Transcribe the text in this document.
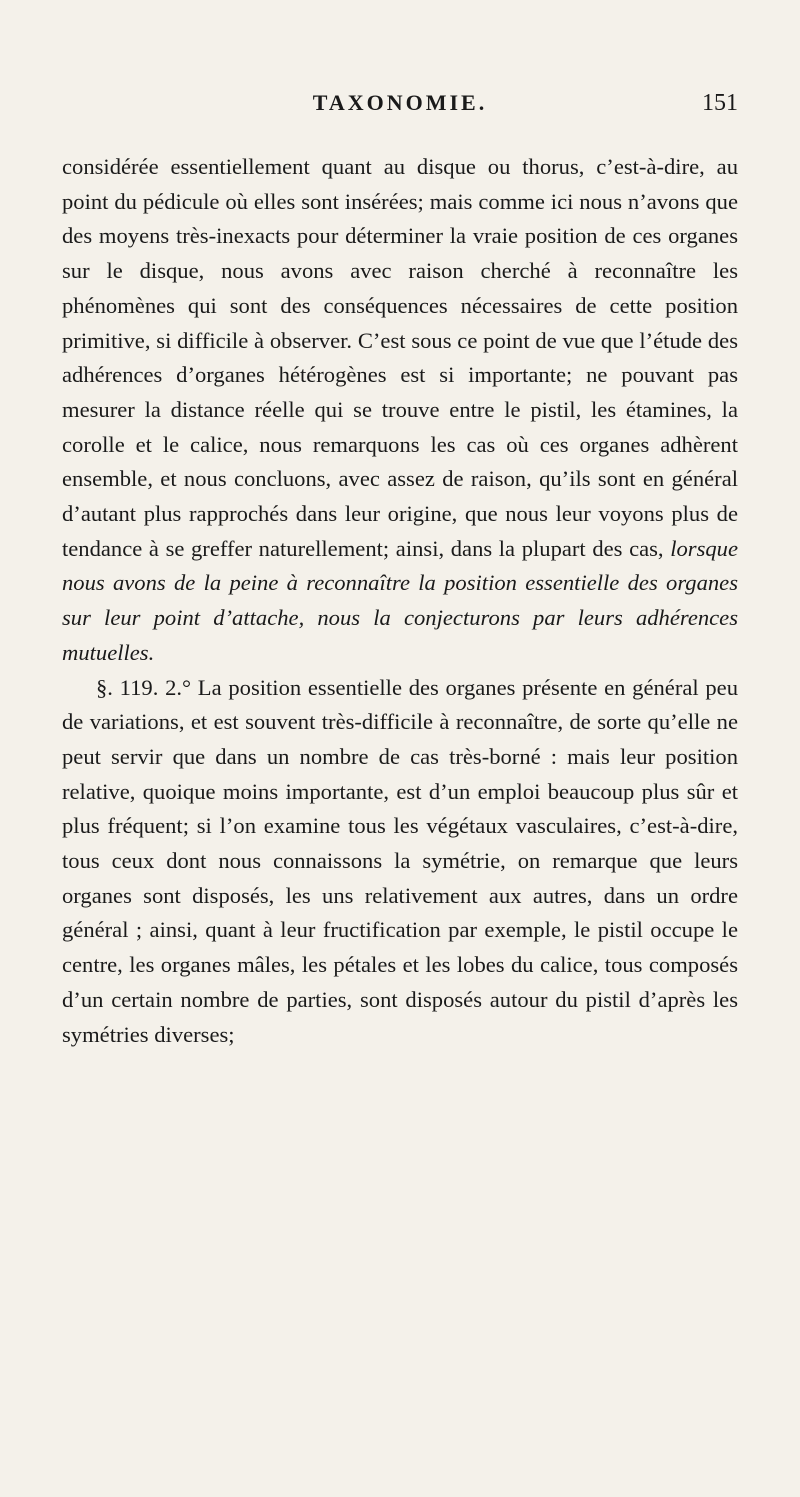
TAXONOMIE.	151

considérée essentiellement quant au disque ou thorus, c’est-à-dire, au point du pédicule où elles sont insérées; mais comme ici nous n’avons que des moyens très-inexacts pour déterminer la vraie position de ces organes sur le disque, nous avons avec raison cherché à reconnaître les phénomènes qui sont des conséquences nécessaires de cette position primitive, si difficile à observer. C’est sous ce point de vue que l’étude des adhérences d’organes hétérogènes est si importante; ne pouvant pas mesurer la distance réelle qui se trouve entre le pistil, les étamines, la corolle et le calice, nous remarquons les cas où ces organes adhèrent ensemble, et nous concluons, avec assez de raison, qu’ils sont en général d’autant plus rapprochés dans leur origine, que nous leur voyons plus de tendance à se greffer naturellement; ainsi, dans la plupart des cas, lorsque nous avons de la peine à reconnaître la position essentielle des organes sur leur point d’attache, nous la conjecturons par leurs adhérences mutuelles.

§. 119. 2.° La position essentielle des organes présente en général peu de variations, et est souvent très-difficile à reconnaître, de sorte qu’elle ne peut servir que dans un nombre de cas très-borné : mais leur position relative, quoique moins importante, est d’un emploi beaucoup plus sûr et plus fréquent; si l’on examine tous les végétaux vasculaires, c’est-à-dire, tous ceux dont nous connaissons la symétrie, on remarque que leurs organes sont disposés, les uns relativement aux autres, dans un ordre général ; ainsi, quant à leur fructification par exemple, le pistil occupe le centre, les organes mâles, les pétales et les lobes du calice, tous composés d’un certain nombre de parties, sont disposés autour du pistil d’après les symétries diverses;
